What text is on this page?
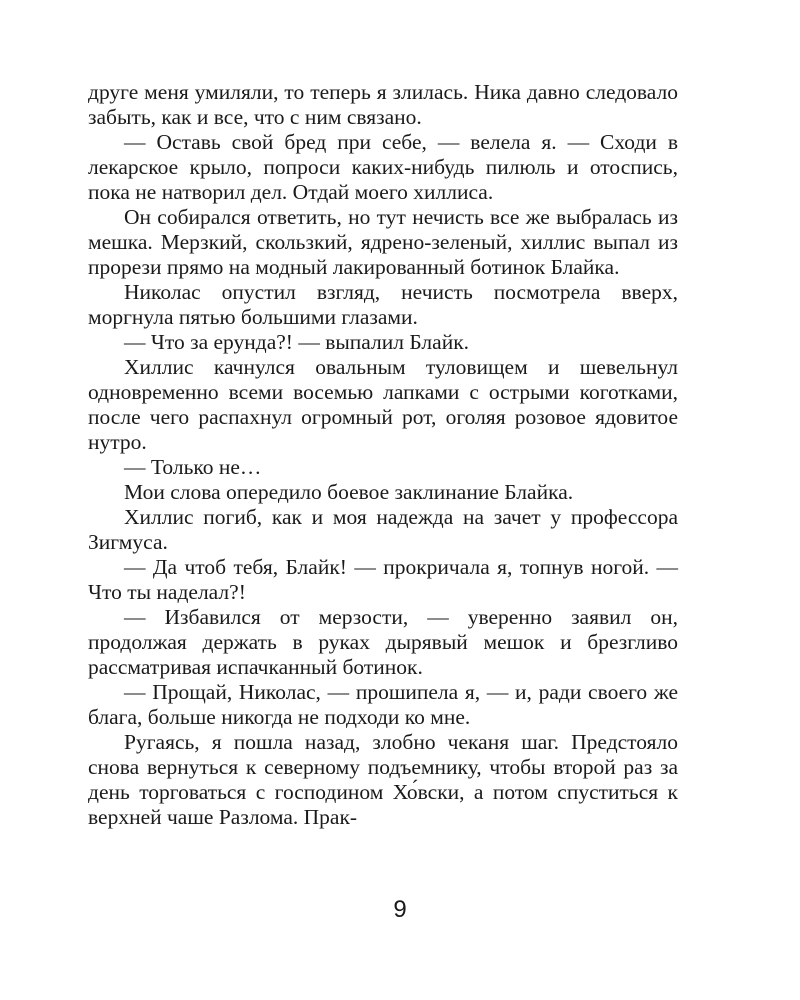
друге меня умиляли, то теперь я злилась. Ника давно следовало забыть, как и все, что с ним связано.

— Оставь свой бред при себе, — велела я. — Сходи в лекарское крыло, попроси каких-нибудь пилюль и отоспись, пока не натворил дел. Отдай моего хиллиса.

Он собирался ответить, но тут нечисть все же выбралась из мешка. Мерзкий, скользкий, ядрено-зеленый, хиллис выпал из прорези прямо на модный лакированный ботинок Блайка.

Николас опустил взгляд, нечисть посмотрела вверх, моргнула пятью большими глазами.

— Что за ерунда?! — выпалил Блайк.

Хиллис качнулся овальным туловищем и шевельнул одновременно всеми восемью лапками с острыми коготками, после чего распахнул огромный рот, оголяя розовое ядовитое нутро.

— Только не…

Мои слова опередило боевое заклинание Блайка.

Хиллис погиб, как и моя надежда на зачет у профессора Зигмуса.

— Да чтоб тебя, Блайк! — прокричала я, топнув ногой. — Что ты наделал?!

— Избавился от мерзости, — уверенно заявил он, продолжая держать в руках дырявый мешок и брезгливо рассматривая испачканный ботинок.

— Прощай, Николас, — прошипела я, — и, ради своего же блага, больше никогда не подходи ко мне.

Ругаясь, я пошла назад, злобно чеканя шаг. Предстояло снова вернуться к северному подъемнику, чтобы второй раз за день торговаться с господином Хо́вски, а потом спуститься к верхней чаше Разлома. Прак-

9
